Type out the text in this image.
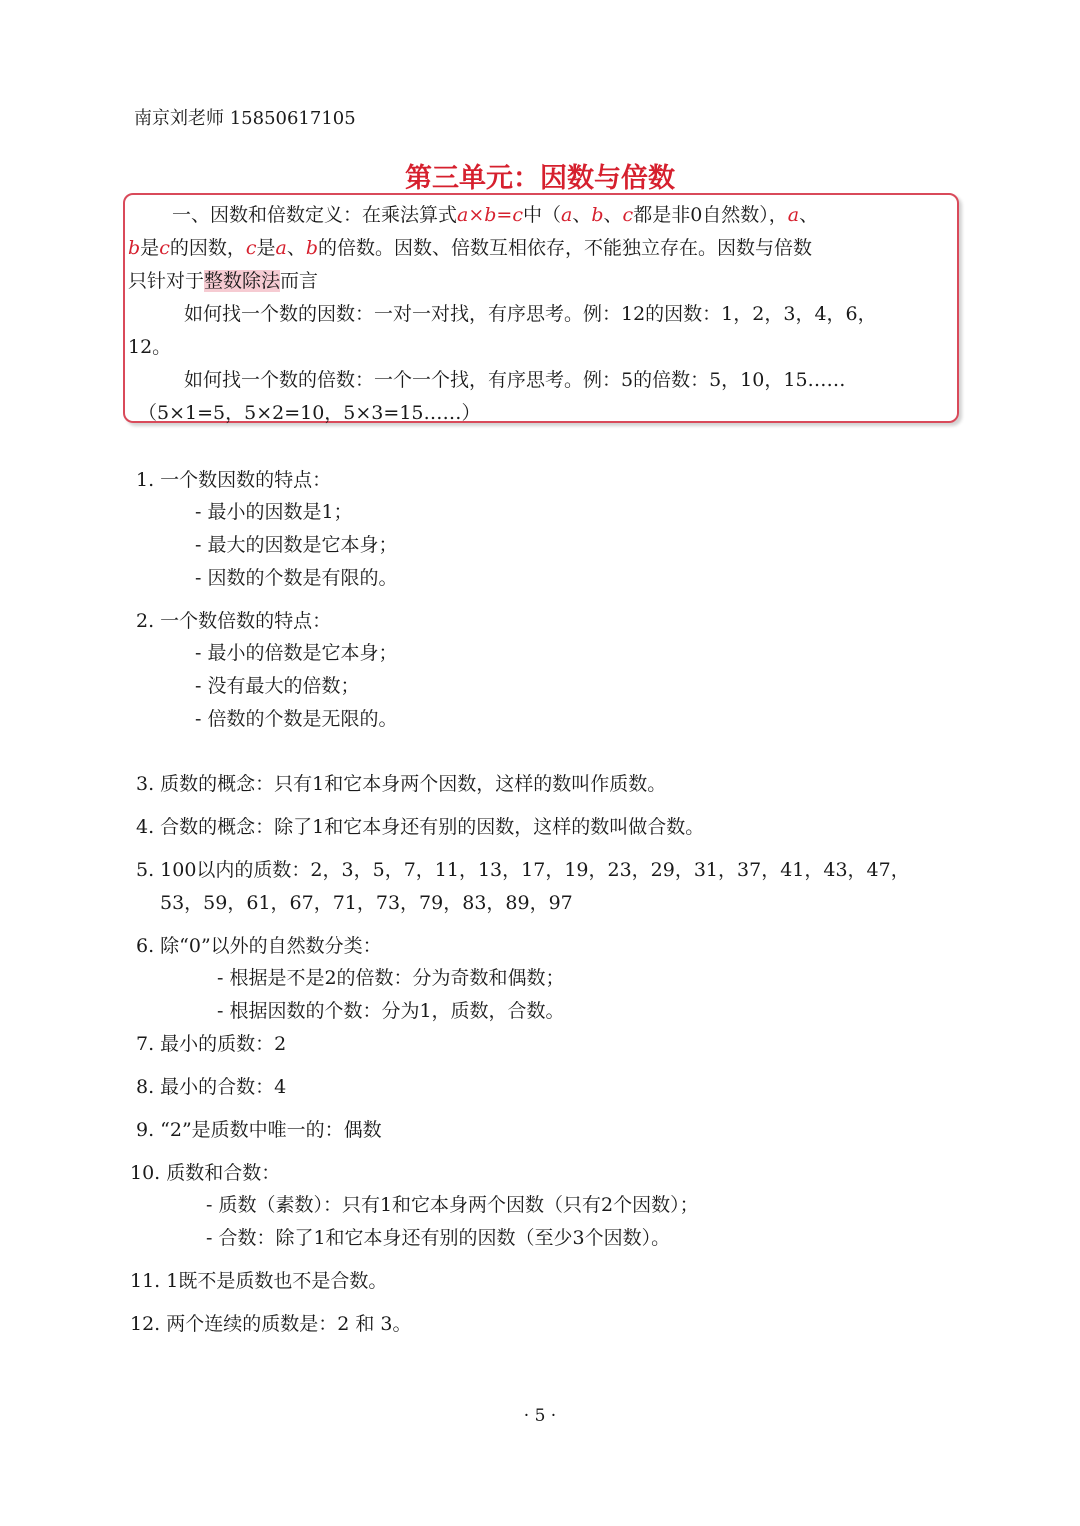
南京刘老师 15850617105
第三单元：因数与倍数
一、因数和倍数定义：在乘法算式a×b=c中（a、b、c都是非0自然数），a、
b是c的因数，c是a、b的倍数。因数、倍数互相依存，不能独立存在。因数与倍数
只针对于整数除法而言
如何找一个数的因数：一对一对找，有序思考。例：12的因数：1，2，3，4，6，
12。
如何找一个数的倍数：一个一个找，有序思考。例：5的倍数：5，10，15……
（5×1=5，5×2=10，5×3=15……）
1. 一个数因数的特点：
- 最小的因数是1；
- 最大的因数是它本身；
- 因数的个数是有限的。
2. 一个数倍数的特点：
- 最小的倍数是它本身；
- 没有最大的倍数；
- 倍数的个数是无限的。
3. 质数的概念：只有1和它本身两个因数，这样的数叫作质数。
4. 合数的概念：除了1和它本身还有别的因数，这样的数叫做合数。
5. 100以内的质数：2，3，5，7，11，13，17，19，23，29，31，37，41，43，47，
53，59，61，67，71，73，79，83，89，97
6. 除“0”以外的自然数分类：
- 根据是不是2的倍数：分为奇数和偶数；
- 根据因数的个数：分为1，质数，合数。
7. 最小的质数：2
8. 最小的合数：4
9. “2”是质数中唯一的：偶数
10. 质数和合数：
- 质数（素数）：只有1和它本身两个因数（只有2个因数）；
- 合数：除了1和它本身还有别的因数（至少3个因数）。
11. 1既不是质数也不是合数。
12. 两个连续的质数是：2 和 3。
· 5 ·
